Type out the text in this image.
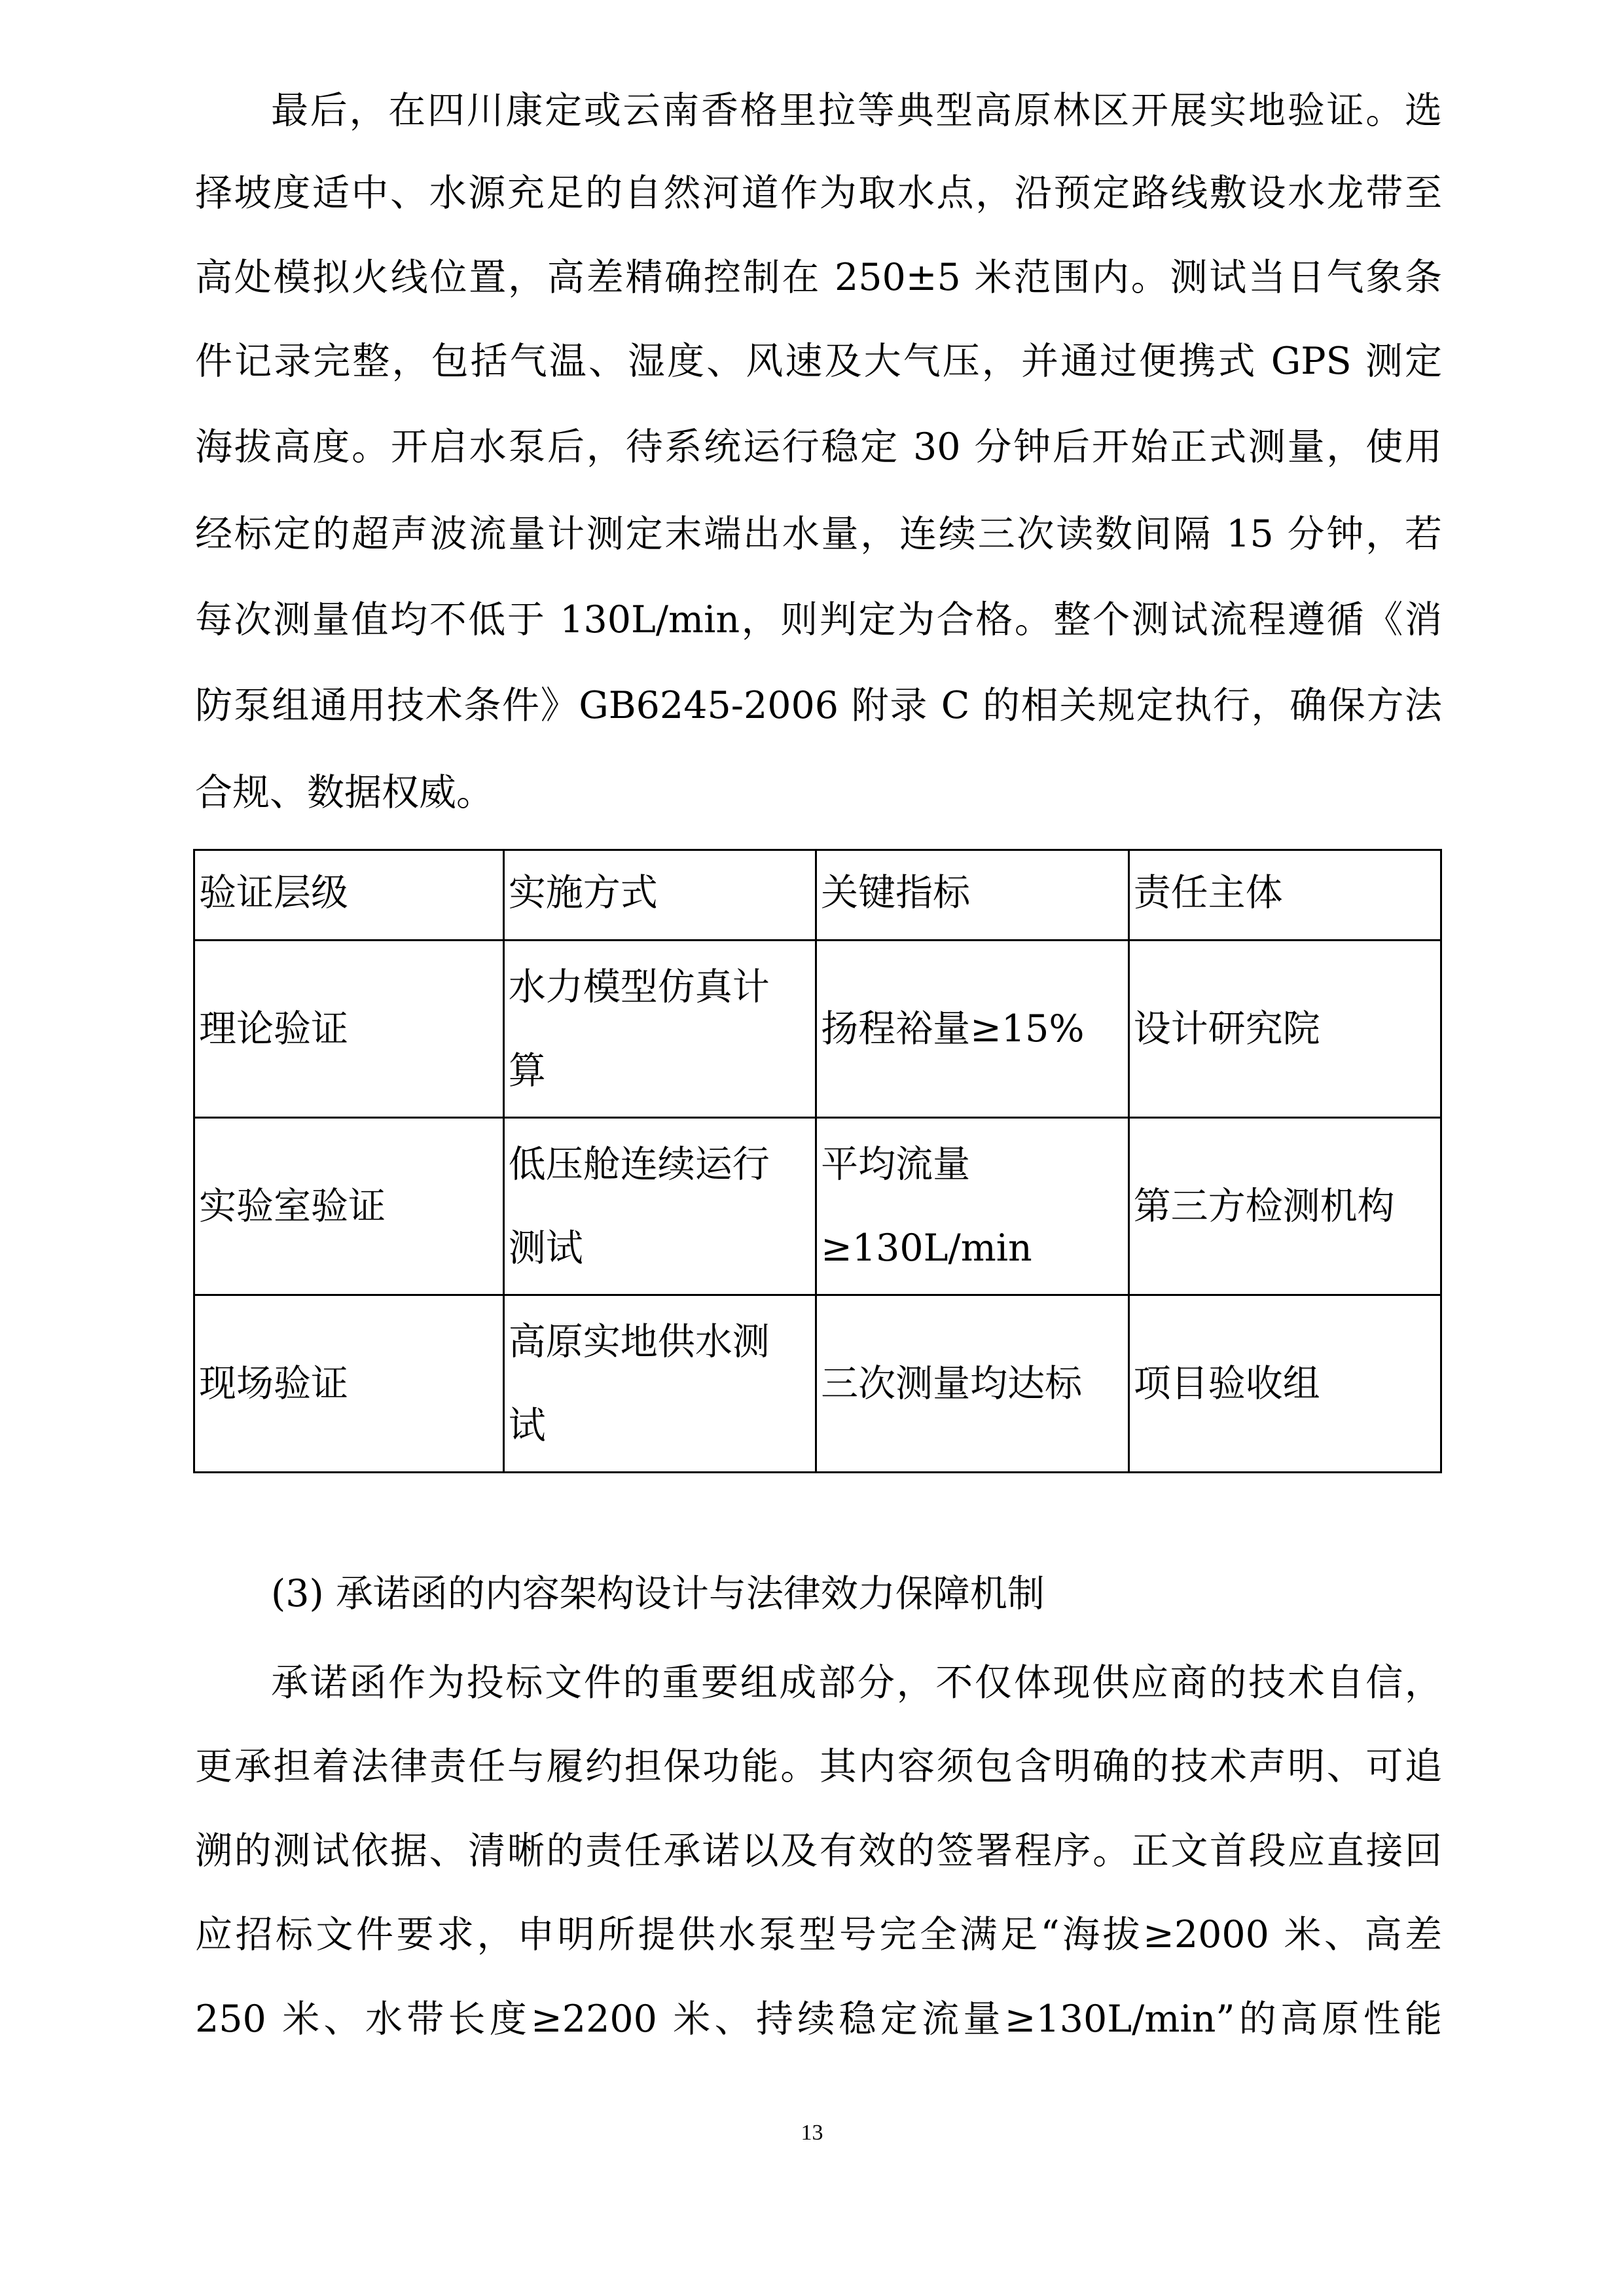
最后，在四川康定或云南香格里拉等典型高原林区开展实地验证。选
择坡度适中、水源充足的自然河道作为取水点，沿预定路线敷设水龙带至
高处模拟火线位置，高差精确控制在 250±5 米范围内。测试当日气象条
件记录完整，包括气温、湿度、风速及大气压，并通过便携式 GPS 测定
海拔高度。开启水泵后，待系统运行稳定 30 分钟后开始正式测量，使用
经标定的超声波流量计测定末端出水量，连续三次读数间隔 15 分钟，若
每次测量值均不低于 130L/min，则判定为合格。整个测试流程遵循《消
防泵组通用技术条件》GB6245-2006 附录 C 的相关规定执行，确保方法
合规、数据权威。
验证层级	实施方式	关键指标	责任主体

理论验证	水力模型仿真计
算	扬程裕量≥15%	设计研究院

实验室验证	低压舱连续运行
测试	平均流量
≥130L/min	第三方检测机构

现场验证	高原实地供水测
试	三次测量均达标	项目验收组
(3) 承诺函的内容架构设计与法律效力保障机制
承诺函作为投标文件的重要组成部分，不仅体现供应商的技术自信，
更承担着法律责任与履约担保功能。其内容须包含明确的技术声明、可追
溯的测试依据、清晰的责任承诺以及有效的签署程序。正文首段应直接回
应招标文件要求，申明所提供水泵型号完全满足“海拔≥2000 米、高差
250 米、水带长度≥2200 米、持续稳定流量≥130L/min”的高原性能
13
